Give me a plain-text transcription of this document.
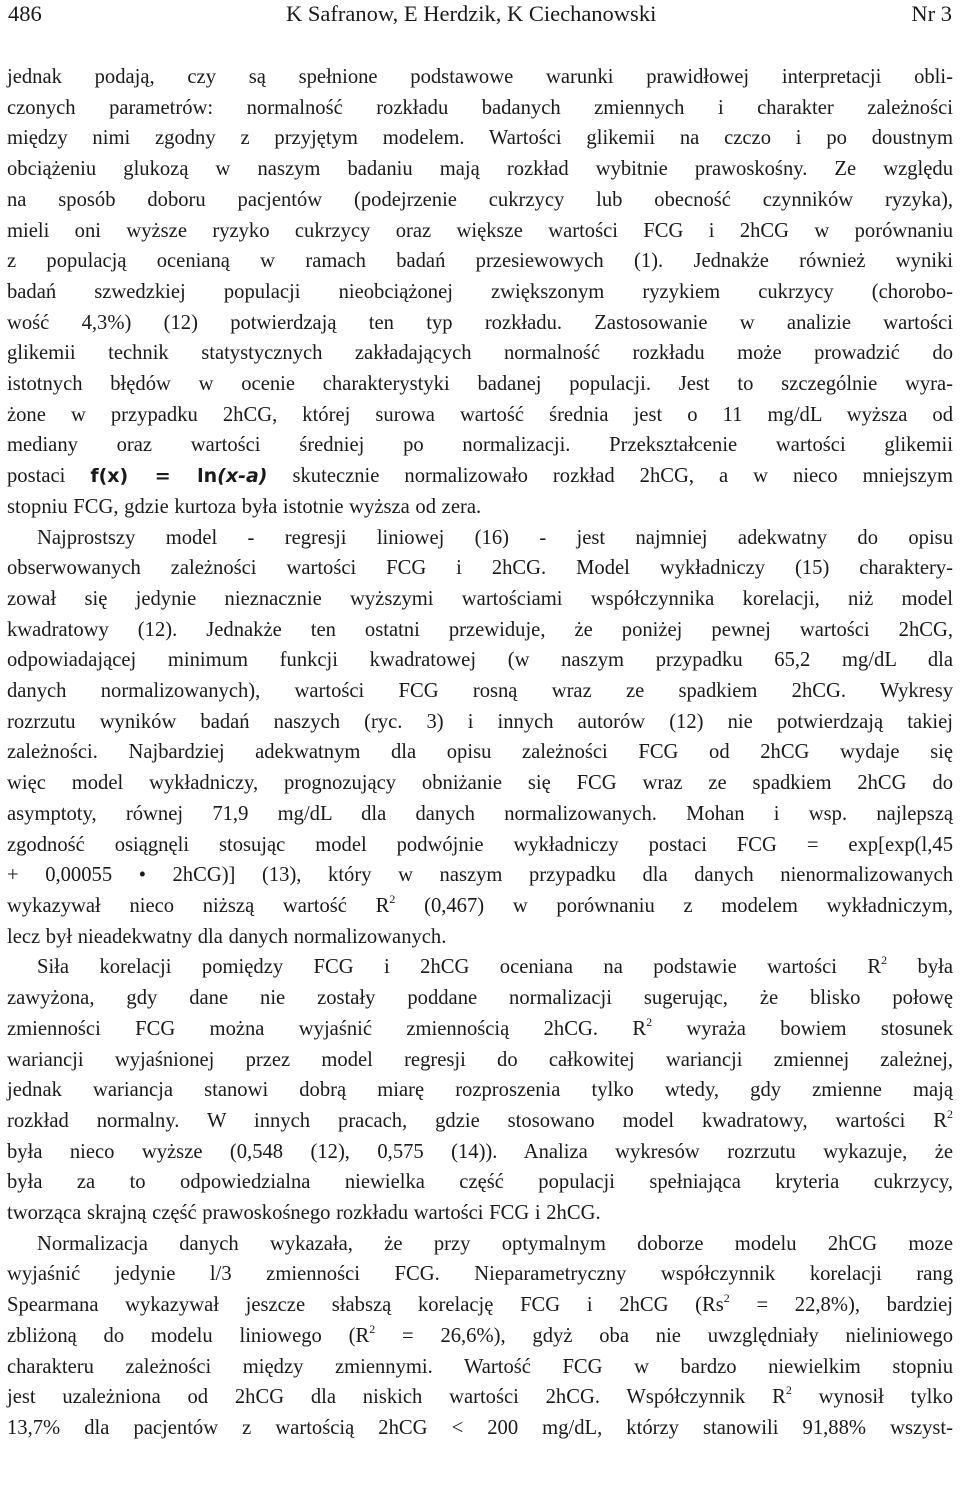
486	K Safranow, E Herdzik, K Ciechanowski	Nr 3

jednak podają, czy są spełnione podstawowe warunki prawidłowej interpretacji obli-
czonych parametrów: normalność rozkładu badanych zmiennych i charakter zależności
między nimi zgodny z przyjętym modelem. Wartości glikemii na czczo i po doustnym
obciążeniu glukozą w naszym badaniu mają rozkład wybitnie prawoskośny. Ze względu
na sposób doboru pacjentów (podejrzenie cukrzycy lub obecność czynników ryzyka),
mieli oni wyższe ryzyko cukrzycy oraz większe wartości FCG i 2hCG w porównaniu
z populacją ocenianą w ramach badań przesiewowych (1). Jednakże również wyniki
badań szwedzkiej populacji nieobciążonej zwiększonym ryzykiem cukrzycy (chorobo-
wość 4,3%) (12) potwierdzają ten typ rozkładu. Zastosowanie w analizie wartości
glikemii technik statystycznych zakładających normalność rozkładu może prowadzić do
istotnych błędów w ocenie charakterystyki badanej populacji. Jest to szczególnie wyra-
żone w przypadku 2hCG, której surowa wartość średnia jest o 11 mg/dL wyższa od
mediany oraz wartości średniej po normalizacji. Przekształcenie wartości glikemii
postaci f(x) = ln(x-a) skutecznie normalizowało rozkład 2hCG, a w nieco mniejszym
stopniu FCG, gdzie kurtoza była istotnie wyższa od zera.

Najprostszy model - regresji liniowej (16) - jest najmniej adekwatny do opisu
obserwowanych zależności wartości FCG i 2hCG. Model wykładniczy (15) charaktery-
zował się jedynie nieznacznie wyższymi wartościami współczynnika korelacji, niż model
kwadratowy (12). Jednakże ten ostatni przewiduje, że poniżej pewnej wartości 2hCG,
odpowiadającej minimum funkcji kwadratowej (w naszym przypadku 65,2 mg/dL dla
danych normalizowanych), wartości FCG rosną wraz ze spadkiem 2hCG. Wykresy
rozrzutu wyników badań naszych (ryc. 3) i innych autorów (12) nie potwierdzają takiej
zależności. Najbardziej adekwatnym dla opisu zależności FCG od 2hCG wydaje się
więc model wykładniczy, prognozujący obniżanie się FCG wraz ze spadkiem 2hCG do
asymptoty, równej 71,9 mg/dL dla danych normalizowanych. Mohan i wsp. najlepszą
zgodność osiągnęli stosując model podwójnie wykładniczy postaci FCG = exp[exp(l,45
+ 0,00055 • 2hCG)] (13), który w naszym przypadku dla danych nienormalizowanych
wykazywał nieco niższą wartość $R^2$ (0,467) w porównaniu z modelem wykładniczym,
lecz był nieadekwatny dla danych normalizowanych.

Siła korelacji pomiędzy FCG i 2hCG oceniana na podstawie wartości $R^2$ była
zawyżona, gdy dane nie zostały poddane normalizacji sugerując, że blisko połowę
zmienności FCG można wyjaśnić zmiennością 2hCG. $R^2$ wyraża bowiem stosunek
wariancji wyjaśnionej przez model regresji do całkowitej wariancji zmiennej zależnej,
jednak wariancja stanowi dobrą miarę rozproszenia tylko wtedy, gdy zmienne mają
rozkład normalny. W innych pracach, gdzie stosowano model kwadratowy, wartości $R^2$
była nieco wyższe (0,548 (12), 0,575 (14)). Analiza wykresów rozrzutu wykazuje, że
była za to odpowiedzialna niewielka część populacji spełniająca kryteria cukrzycy,
tworząca skrajną część prawoskośnego rozkładu wartości FCG i 2hCG.

Normalizacja danych wykazała, że przy optymalnym doborze modelu 2hCG moze
wyjaśnić jedynie l/3 zmienności FCG. Nieparametryczny współczynnik korelacji rang
Spearmana wykazywał jeszcze słabszą korelację FCG i 2hCG $(Rs^2 = 22,8\%)$, bardziej
zbliżoną do modelu liniowego $(R^2 = 26,6\%)$, gdyż oba nie uwzględniały nieliniowego
charakteru zależności między zmiennymi. Wartość FCG w bardzo niewielkim stopniu
jest uzależniona od 2hCG dla niskich wartości 2hCG. Współczynnik $R^2$ wynosił tylko
13,7% dla pacjentów z wartością 2hCG < 200 mg/dL, którzy stanowili 91,88% wszyst-
